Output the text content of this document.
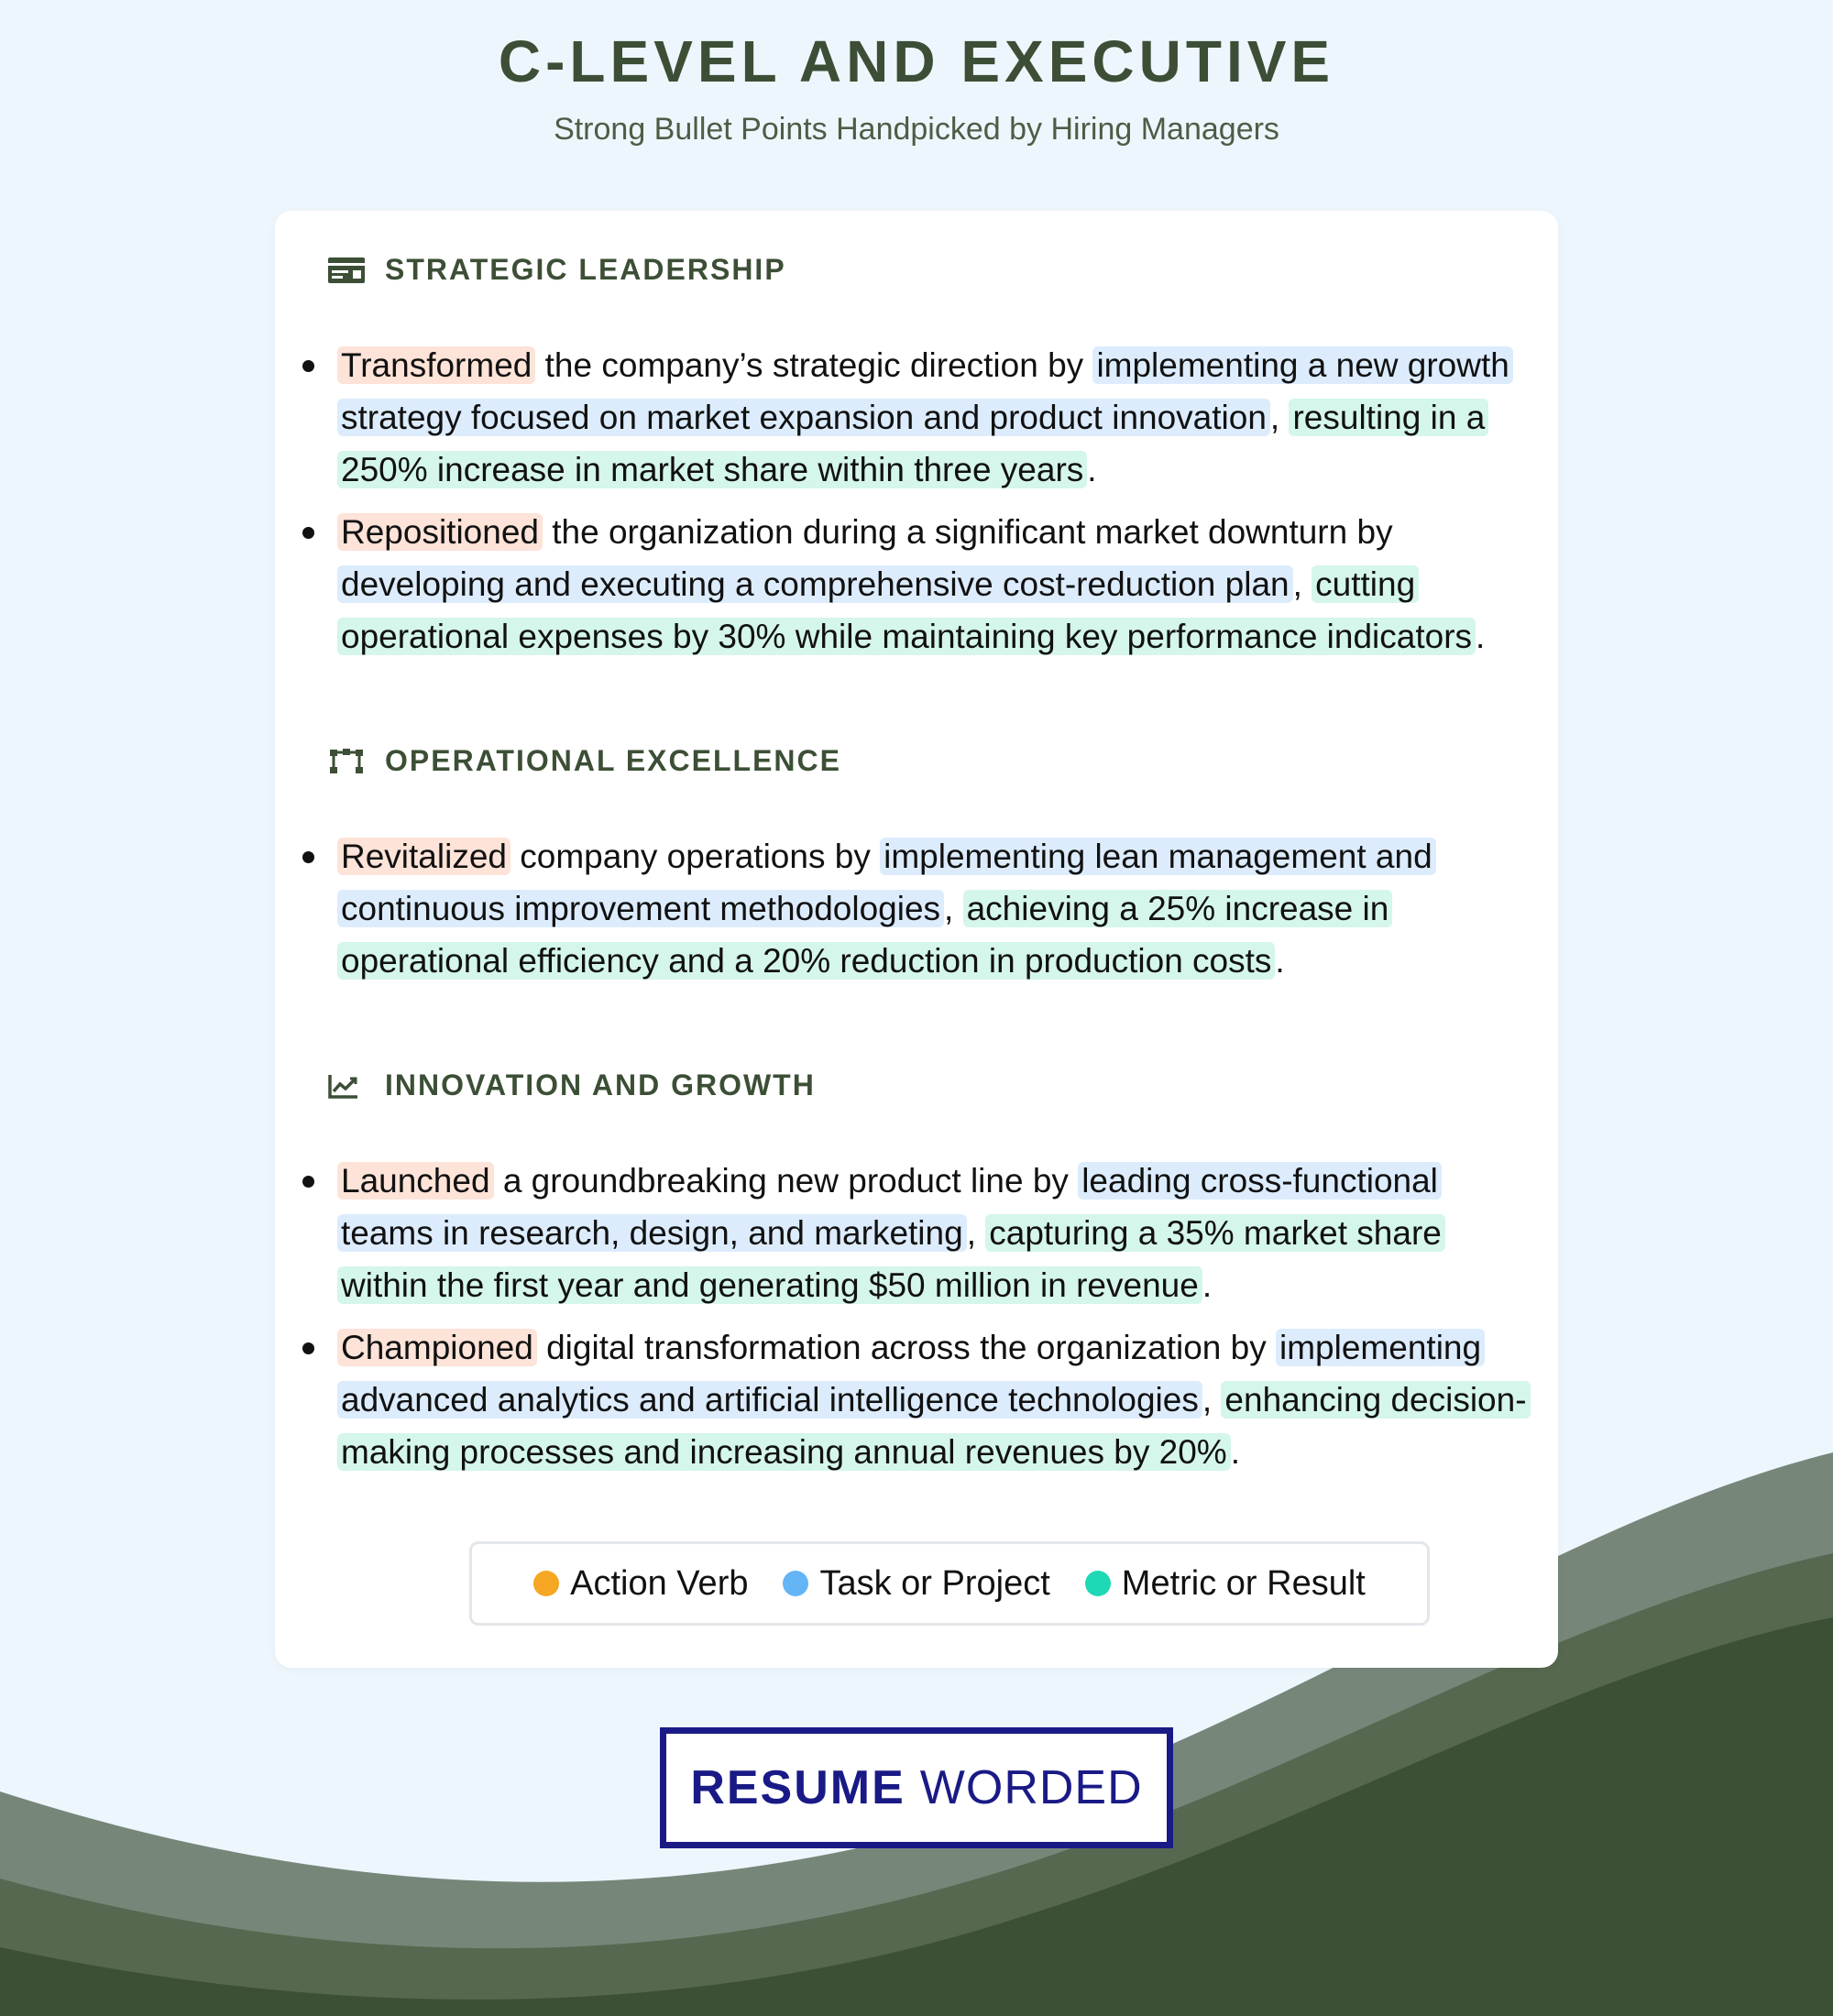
C-LEVEL AND EXECUTIVE
Strong Bullet Points Handpicked by Hiring Managers
STRATEGIC LEADERSHIP
Transformed the company’s strategic direction by implementing a new growth strategy focused on market expansion and product innovation , resulting in a 250% increase in market share within three years .
Repositioned the organization during a significant market downturn by developing and executing a comprehensive cost-reduction plan , cutting operational expenses by 30% while maintaining key performance indicators .
OPERATIONAL EXCELLENCE
Revitalized company operations by implementing lean management and continuous improvement methodologies , achieving a 25% increase in operational efficiency and a 20% reduction in production costs .
INNOVATION AND GROWTH
Launched a groundbreaking new product line by leading cross-functional teams in research, design, and marketing , capturing a 35% market share within the first year and generating $50 million in revenue .
Championed digital transformation across the organization by implementing advanced analytics and artificial intelligence technologies , enhancing decision-making processes and increasing annual revenues by 20% .
Action Verb Task or Project Metric or Result
RESUME WORDED
